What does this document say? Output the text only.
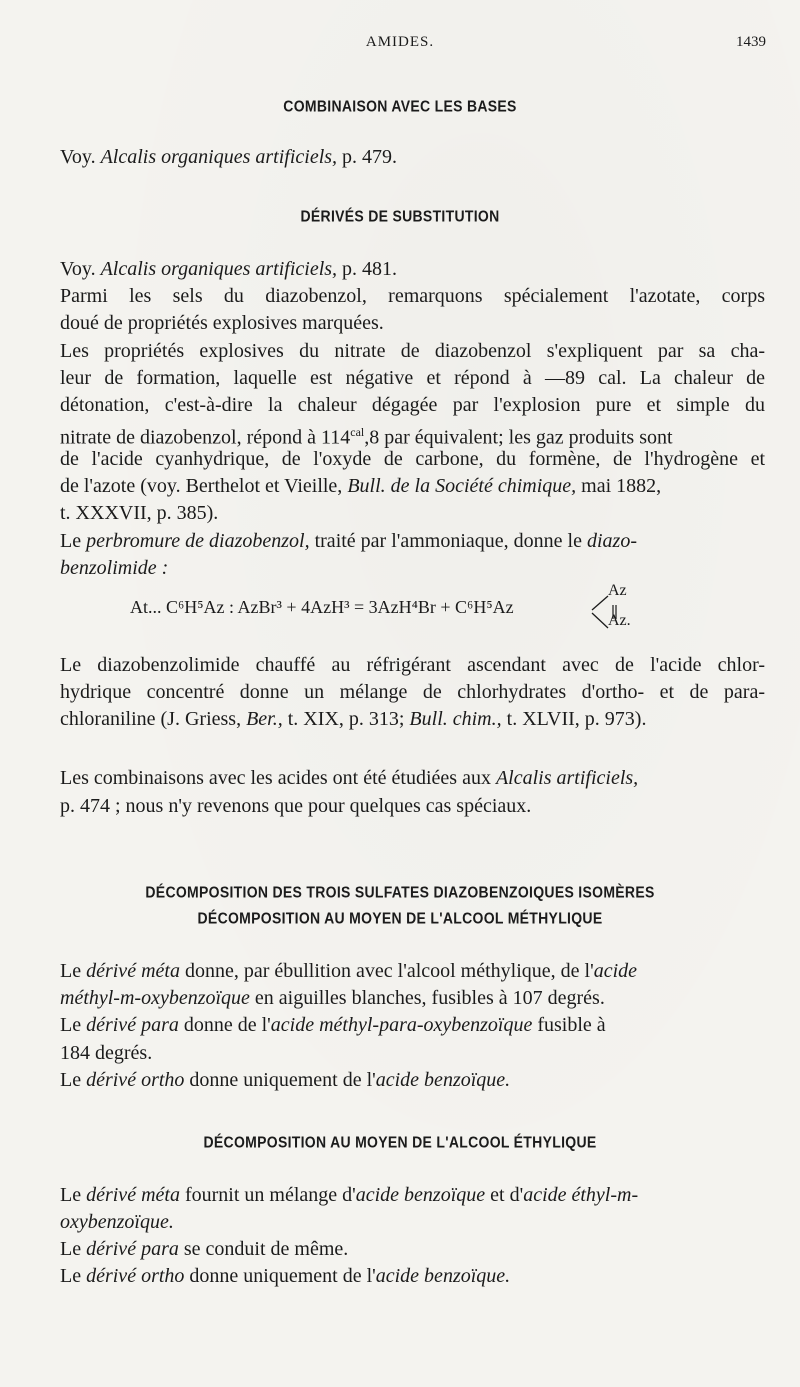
AMIDES.	1439
COMBINAISON AVEC LES BASES
Voy. Alcalis organiques artificiels, p. 479.
DÉRIVÉS DE SUBSTITUTION
Voy. Alcalis organiques artificiels, p. 481.
Parmi les sels du diazobenzol, remarquons spécialement l'azotate, corps
doué de propriétés explosives marquées.
Les propriétés explosives du nitrate de diazobenzol s'expliquent par sa cha-
leur de formation, laquelle est négative et répond à —89 cal. La chaleur de
détonation, c'est-à-dire la chaleur dégagée par l'explosion pure et simple du
nitrate de diazobenzol, répond à $114^{cal},8$ par équivalent; les gaz produits sont
de l'acide cyanhydrique, de l'oxyde de carbone, du formène, de l'hydrogène et
de l'azote (voy. Berthelot et Vieille, Bull. de la Société chimique, mai 1882,
t. XXXVII, p. 385).
Le perbromure de diazobenzol, traité par l'ammoniaque, donne le diazo-
benzolimide :
At... C⁶H⁵Az : AzBr³ + 4AzH³ = 3AzH⁴Br + C⁶H⁵Az
Az
Az.
Le diazobenzolimide chauffé au réfrigérant ascendant avec de l'acide chlor-
hydrique concentré donne un mélange de chlorhydrates d'ortho- et de para-
chloraniline (J. Griess, Ber., t. XIX, p. 313; Bull. chim., t. XLVII, p. 973).
Les combinaisons avec les acides ont été étudiées aux Alcalis artificiels,
p. 474 ; nous n'y revenons que pour quelques cas spéciaux.
DÉCOMPOSITION DES TROIS SULFATES DIAZOBENZOIQUES ISOMÈRES
DÉCOMPOSITION AU MOYEN DE L'ALCOOL MÉTHYLIQUE
Le dérivé méta donne, par ébullition avec l'alcool méthylique, de l'acide
méthyl-m-oxybenzoïque en aiguilles blanches, fusibles à 107 degrés.
Le dérivé para donne de l'acide méthyl-para-oxybenzoïque fusible à
184 degrés.
Le dérivé ortho donne uniquement de l'acide benzoïque.
DÉCOMPOSITION AU MOYEN DE L'ALCOOL ÉTHYLIQUE
Le dérivé méta fournit un mélange d'acide benzoïque et d'acide éthyl-m-
oxybenzoïque.
Le dérivé para se conduit de même.
Le dérivé ortho donne uniquement de l'acide benzoïque.
